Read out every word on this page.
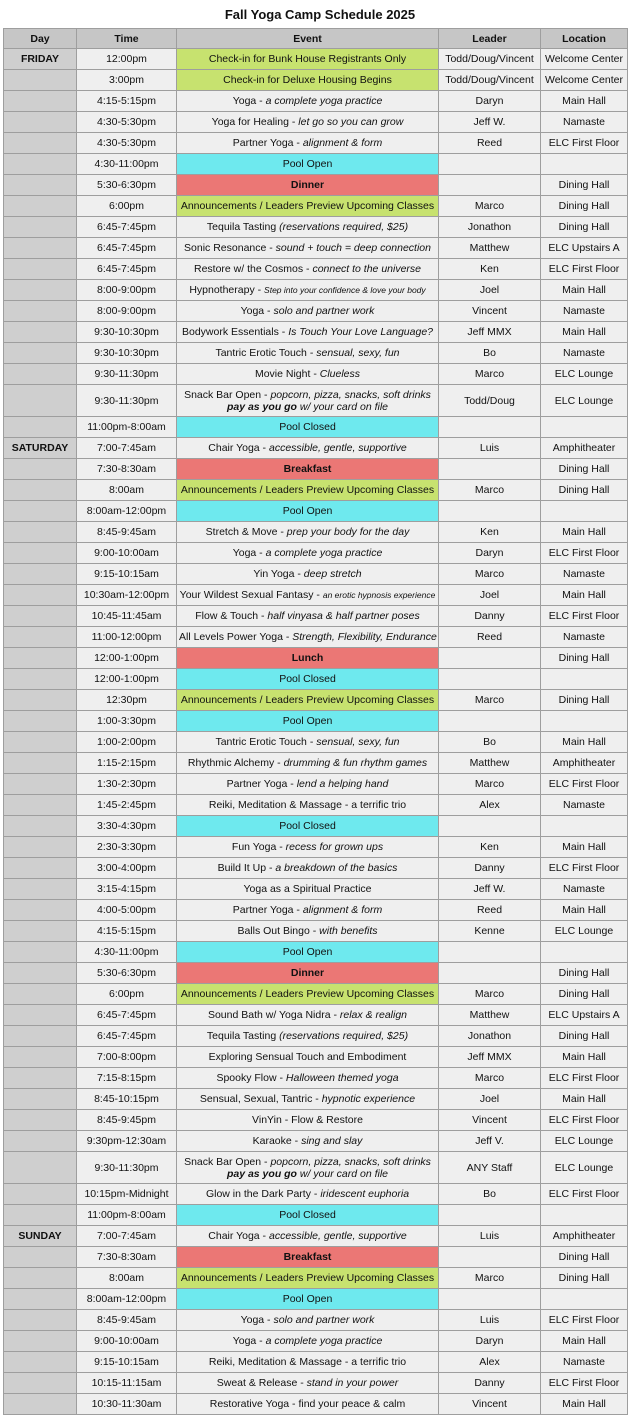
Fall Yoga Camp Schedule 2025
Day	Time	Event	Leader	Location
FRIDAY	12:00pm	Check-in for Bunk House Registrants Only	Todd/Doug/Vincent	Welcome Center
	3:00pm	Check-in for Deluxe Housing Begins	Todd/Doug/Vincent	Welcome Center
	4:15-5:15pm	Yoga - a complete yoga practice	Daryn	Main Hall
	4:30-5:30pm	Yoga for Healing - let go so you can grow	Jeff W.	Namaste
	4:30-5:30pm	Partner Yoga - alignment & form	Reed	ELC First Floor
	4:30-11:00pm	Pool Open		
	5:30-6:30pm	Dinner		Dining Hall
	6:00pm	Announcements / Leaders Preview Upcoming Classes	Marco	Dining Hall
	6:45-7:45pm	Tequila Tasting (reservations required, $25)	Jonathon	Dining Hall
	6:45-7:45pm	Sonic Resonance - sound + touch = deep connection	Matthew	ELC Upstairs A
	6:45-7:45pm	Restore w/ the Cosmos - connect to the universe	Ken	ELC First Floor
	8:00-9:00pm	Hypnotherapy - Step into your confidence & love your body	Joel	Main Hall
	8:00-9:00pm	Yoga - solo and partner work	Vincent	Namaste
	9:30-10:30pm	Bodywork Essentials - Is Touch Your Love Language?	Jeff MMX	Main Hall
	9:30-10:30pm	Tantric Erotic Touch - sensual, sexy, fun	Bo	Namaste
	9:30-11:30pm	Movie Night - Clueless	Marco	ELC Lounge
	9:30-11:30pm	Snack Bar Open - popcorn, pizza, snacks, soft drinks
pay as you go w/ your card on file	Todd/Doug	ELC Lounge
	11:00pm-8:00am	Pool Closed		
SATURDAY	7:00-7:45am	Chair Yoga - accessible, gentle, supportive	Luis	Amphitheater
	7:30-8:30am	Breakfast		Dining Hall
	8:00am	Announcements / Leaders Preview Upcoming Classes	Marco	Dining Hall
	8:00am-12:00pm	Pool Open		
	8:45-9:45am	Stretch & Move - prep your body for the day	Ken	Main Hall
	9:00-10:00am	Yoga - a complete yoga practice	Daryn	ELC First Floor
	9:15-10:15am	Yin Yoga - deep stretch	Marco	Namaste
	10:30am-12:00pm	Your Wildest Sexual Fantasy - an erotic hypnosis experience	Joel	Main Hall
	10:45-11:45am	Flow & Touch - half vinyasa & half partner poses	Danny	ELC First Floor
	11:00-12:00pm	All Levels Power Yoga - Strength, Flexibility, Endurance	Reed	Namaste
	12:00-1:00pm	Lunch		Dining Hall
	12:00-1:00pm	Pool Closed		
	12:30pm	Announcements / Leaders Preview Upcoming Classes	Marco	Dining Hall
	1:00-3:30pm	Pool Open		
	1:00-2:00pm	Tantric Erotic Touch - sensual, sexy, fun	Bo	Main Hall
	1:15-2:15pm	Rhythmic Alchemy - drumming & fun rhythm games	Matthew	Amphitheater
	1:30-2:30pm	Partner Yoga - lend a helping hand	Marco	ELC First Floor
	1:45-2:45pm	Reiki, Meditation & Massage - a terrific trio	Alex	Namaste
	3:30-4:30pm	Pool Closed		
	2:30-3:30pm	Fun Yoga - recess for grown ups	Ken	Main Hall
	3:00-4:00pm	Build It Up - a breakdown of the basics	Danny	ELC First Floor
	3:15-4:15pm	Yoga as a Spiritual Practice	Jeff W.	Namaste
	4:00-5:00pm	Partner Yoga - alignment & form	Reed	Main Hall
	4:15-5:15pm	Balls Out Bingo - with benefits	Kenne	ELC Lounge
	4:30-11:00pm	Pool Open		
	5:30-6:30pm	Dinner		Dining Hall
	6:00pm	Announcements / Leaders Preview Upcoming Classes	Marco	Dining Hall
	6:45-7:45pm	Sound Bath w/ Yoga Nidra - relax & realign	Matthew	ELC Upstairs A
	6:45-7:45pm	Tequila Tasting (reservations required, $25)	Jonathon	Dining Hall
	7:00-8:00pm	Exploring Sensual Touch and Embodiment	Jeff MMX	Main Hall
	7:15-8:15pm	Spooky Flow - Halloween themed yoga	Marco	ELC First Floor
	8:45-10:15pm	Sensual, Sexual, Tantric - hypnotic experience	Joel	Main Hall
	8:45-9:45pm	VinYin - Flow & Restore	Vincent	ELC First Floor
	9:30pm-12:30am	Karaoke - sing and slay	Jeff V.	ELC Lounge
	9:30-11:30pm	Snack Bar Open - popcorn, pizza, snacks, soft drinks
pay as you go w/ your card on file	ANY Staff	ELC Lounge
	10:15pm-Midnight	Glow in the Dark Party - iridescent euphoria	Bo	ELC First Floor
	11:00pm-8:00am	Pool Closed		
SUNDAY	7:00-7:45am	Chair Yoga - accessible, gentle, supportive	Luis	Amphitheater
	7:30-8:30am	Breakfast		Dining Hall
	8:00am	Announcements / Leaders Preview Upcoming Classes	Marco	Dining Hall
	8:00am-12:00pm	Pool Open		
	8:45-9:45am	Yoga - solo and partner work	Luis	ELC First Floor
	9:00-10:00am	Yoga - a complete yoga practice	Daryn	Main Hall
	9:15-10:15am	Reiki, Meditation & Massage - a terrific trio	Alex	Namaste
	10:15-11:15am	Sweat & Release - stand in your power	Danny	ELC First Floor
	10:30-11:30am	Restorative Yoga - find your peace & calm	Vincent	Main Hall
